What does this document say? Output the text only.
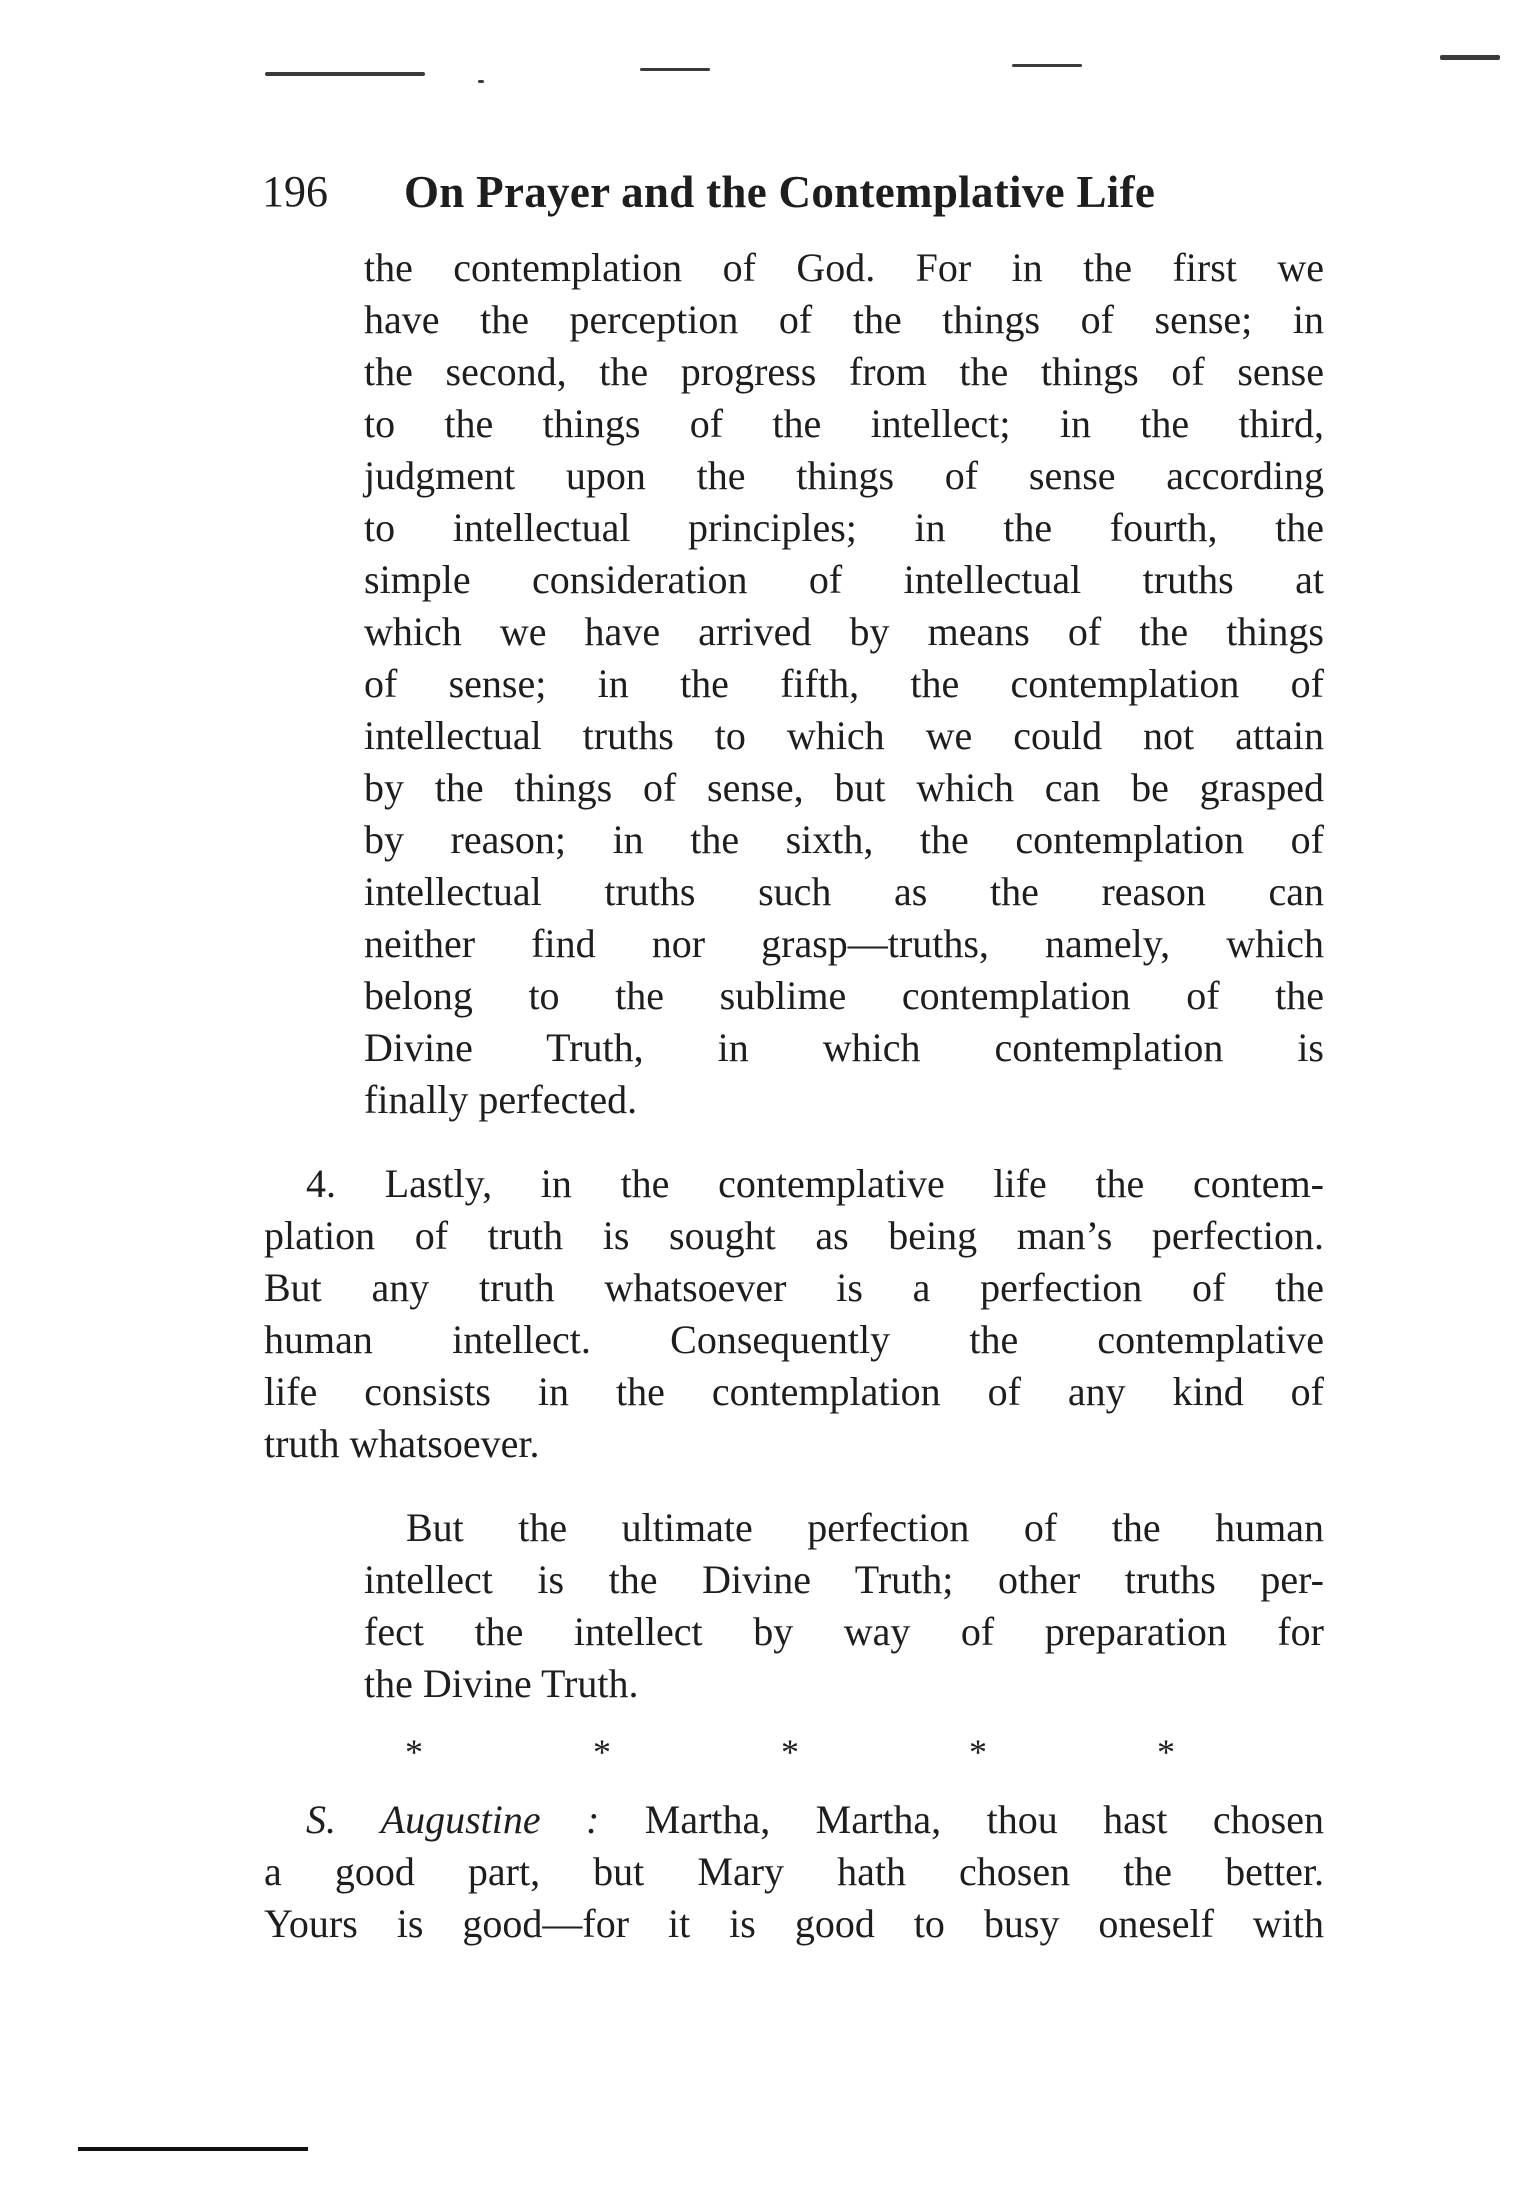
196 On Prayer and the Contemplative Life
the contemplation of God. For in the first we
have the perception of the things of sense; in
the second, the progress from the things of sense
to the things of the intellect; in the third,
judgment upon the things of sense according
to intellectual principles; in the fourth, the
simple consideration of intellectual truths at
which we have arrived by means of the things
of sense; in the fifth, the contemplation of
intellectual truths to which we could not attain
by the things of sense, but which can be grasped
by reason; in the sixth, the contemplation of
intellectual truths such as the reason can
neither find nor grasp—truths, namely, which
belong to the sublime contemplation of the
Divine Truth, in which contemplation is
finally perfected.
4. Lastly, in the contemplative life the contem-
plation of truth is sought as being man’s perfection.
But any truth whatsoever is a perfection of the
human intellect. Consequently the contemplative
life consists in the contemplation of any kind of
truth whatsoever.
But the ultimate perfection of the human
intellect is the Divine Truth; other truths per-
fect the intellect by way of preparation for
the Divine Truth.
*	*	*	*	*
S. Augustine : Martha, Martha, thou hast chosen
a good part, but Mary hath chosen the better.
Yours is good—for it is good to busy oneself with
